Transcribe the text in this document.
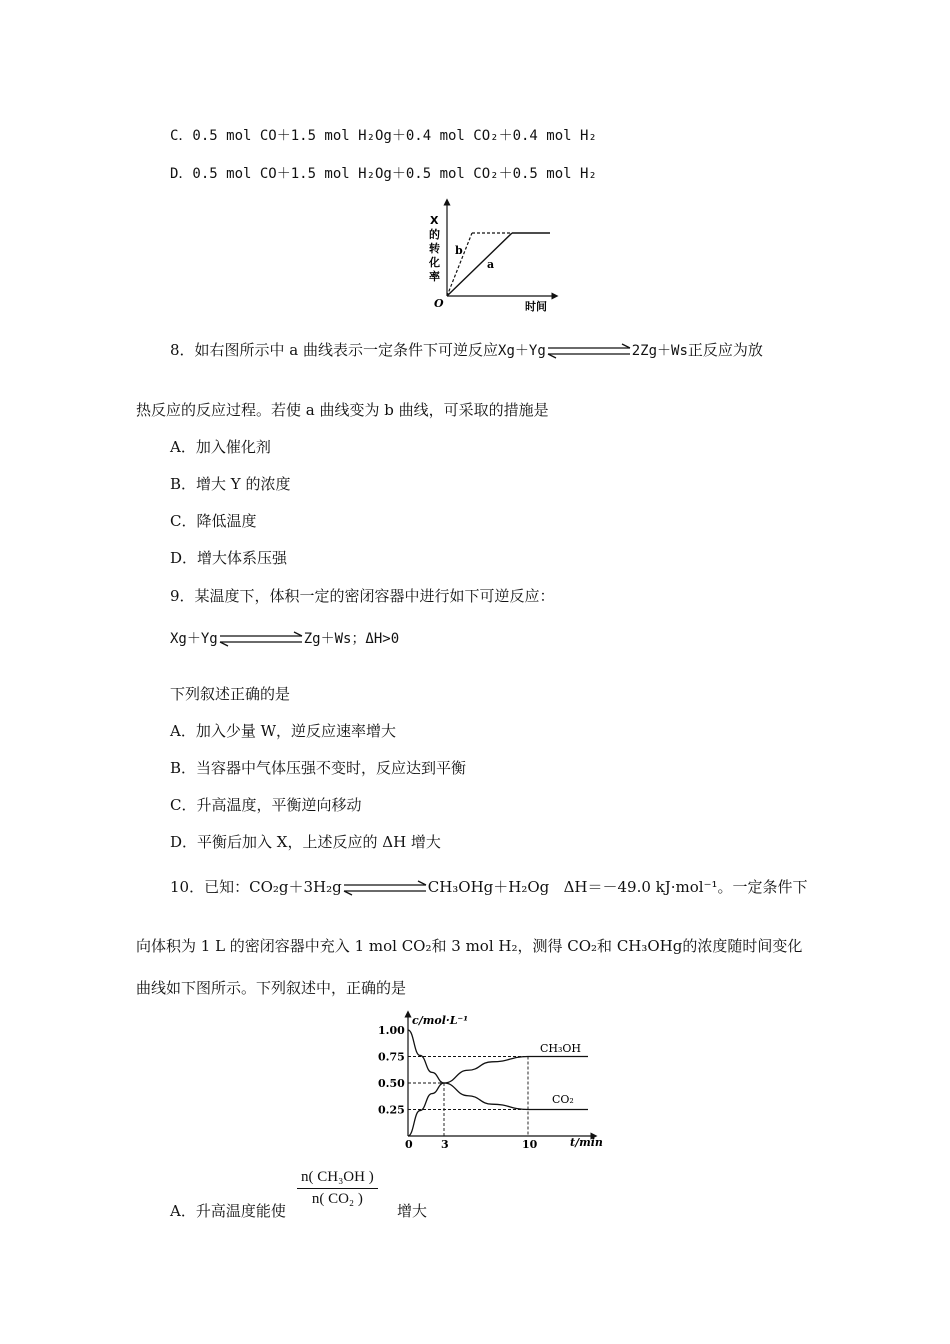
C．0.5 mol CO＋1.5 mol H₂Og＋0.4 mol CO₂＋0.4 mol H₂
D．0.5 mol CO＋1.5 mol H₂Og＋0.5 mol CO₂＋0.5 mol H₂
X
的
转
化
率
O	时间
b
a
8．如右图所示中 a 曲线表示一定条件下可逆反应Xg＋Yg	2Zg＋Ws正反应为放
热反应的反应过程。若使 a 曲线变为 b 曲线，可采取的措施是
A．加入催化剂
B．增大 Y 的浓度
C．降低温度
D．增大体系压强
9．某温度下，体积一定的密闭容器中进行如下可逆反应：
Xg＋Yg	Zg＋Ws；ΔH>0
下列叙述正确的是
A．加入少量 W，逆反应速率增大
B．当容器中气体压强不变时，反应达到平衡
C．升高温度，平衡逆向移动
D．平衡后加入 X，上述反应的 ΔH 增大
10．已知：CO₂g＋3H₂g	CH₃OHg＋H₂Og ΔH＝－49.0 kJ·mol⁻¹。一定条件下
向体积为 1 L 的密闭容器中充入 1 mol CO₂和 3 mol H₂，测得 CO₂和 CH₃OHg的浓度随时间变化
曲线如下图所示。下列叙述中，正确的是
1.00
0.75
0.50
0.25
0	3	10
c/mol·L⁻¹
t/min
CH₃OH
CO₂
A．升高温度能使
$\frac{\text{n( CH₃OH )}}{\text{n( CO₂ )}}$
增大
